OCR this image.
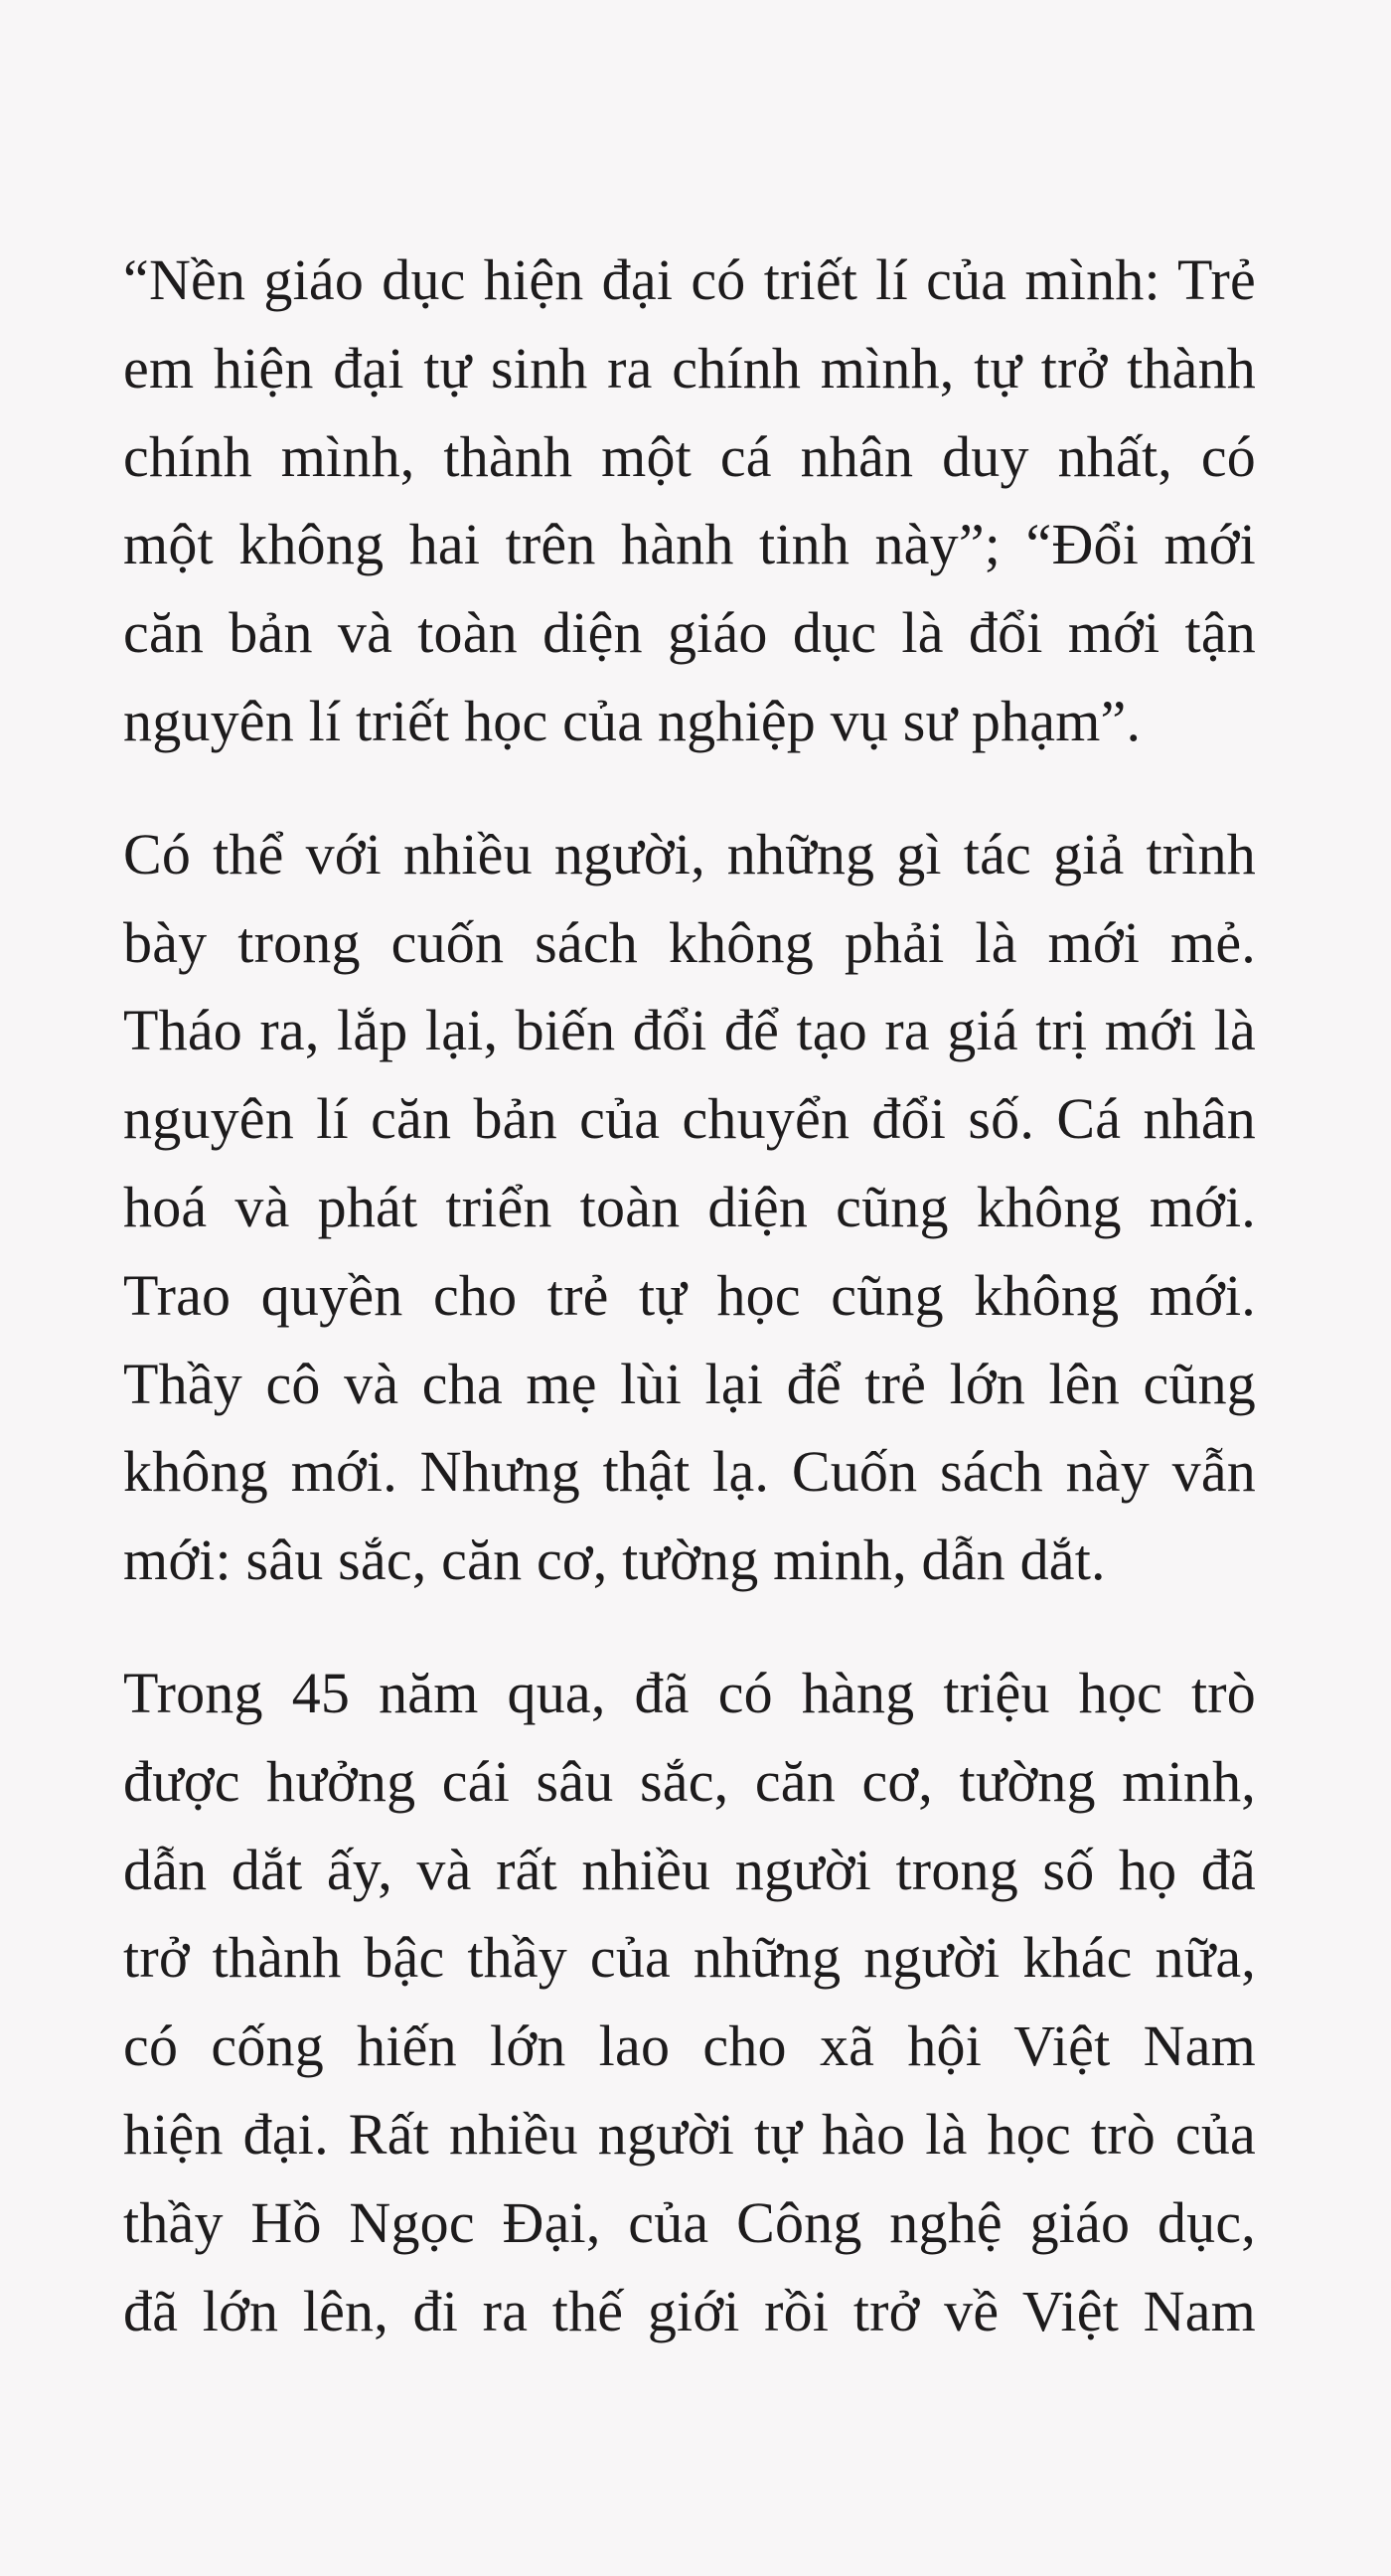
“Nền giáo dục hiện đại có triết lí của mình: Trẻ
em hiện đại tự sinh ra chính mình, tự trở thành
chính mình, thành một cá nhân duy nhất, có
một không hai trên hành tinh này”; “Đổi mới
căn bản và toàn diện giáo dục là đổi mới tận
nguyên lí triết học của nghiệp vụ sư phạm”.
Có thể với nhiều người, những gì tác giả trình
bày trong cuốn sách không phải là mới mẻ.
Tháo ra, lắp lại, biến đổi để tạo ra giá trị mới là
nguyên lí căn bản của chuyển đổi số. Cá nhân
hoá và phát triển toàn diện cũng không mới.
Trao quyền cho trẻ tự học cũng không mới.
Thầy cô và cha mẹ lùi lại để trẻ lớn lên cũng
không mới. Nhưng thật lạ. Cuốn sách này vẫn
mới: sâu sắc, căn cơ, tường minh, dẫn dắt.
Trong 45 năm qua, đã có hàng triệu học trò
được hưởng cái sâu sắc, căn cơ, tường minh,
dẫn dắt ấy, và rất nhiều người trong số họ đã
trở thành bậc thầy của những người khác nữa,
có cống hiến lớn lao cho xã hội Việt Nam
hiện đại. Rất nhiều người tự hào là học trò của
thầy Hồ Ngọc Đại, của Công nghệ giáo dục,
đã lớn lên, đi ra thế giới rồi trở về Việt Nam
